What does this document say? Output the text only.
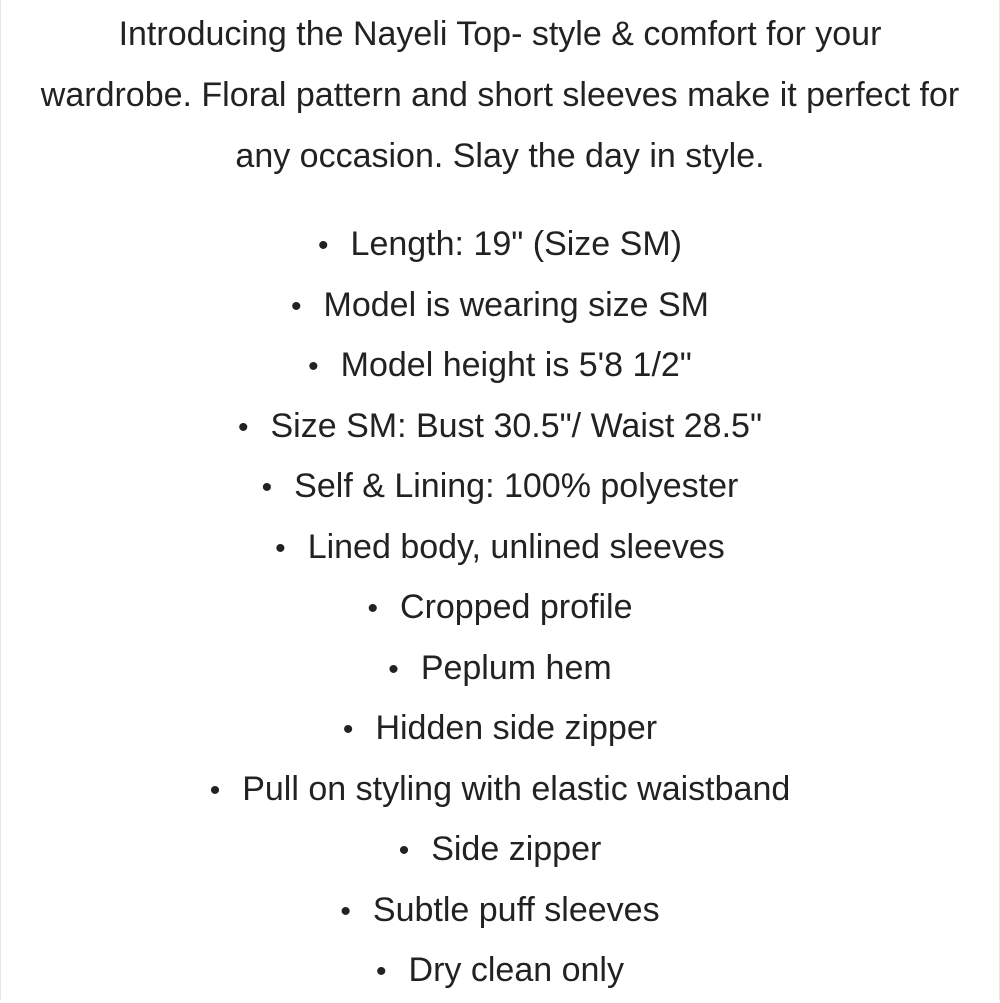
Introducing the Nayeli Top- style & comfort for your wardrobe. Floral pattern and short sleeves make it perfect for any occasion. Slay the day in style.

• Length: 19" (Size SM)
• Model is wearing size SM
• Model height is 5'8 1/2"
• Size SM: Bust 30.5"/ Waist 28.5"
• Self & Lining: 100% polyester
• Lined body, unlined sleeves
• Cropped profile
• Peplum hem
• Hidden side zipper
• Pull on styling with elastic waistband
• Side zipper
• Subtle puff sleeves
• Dry clean only
